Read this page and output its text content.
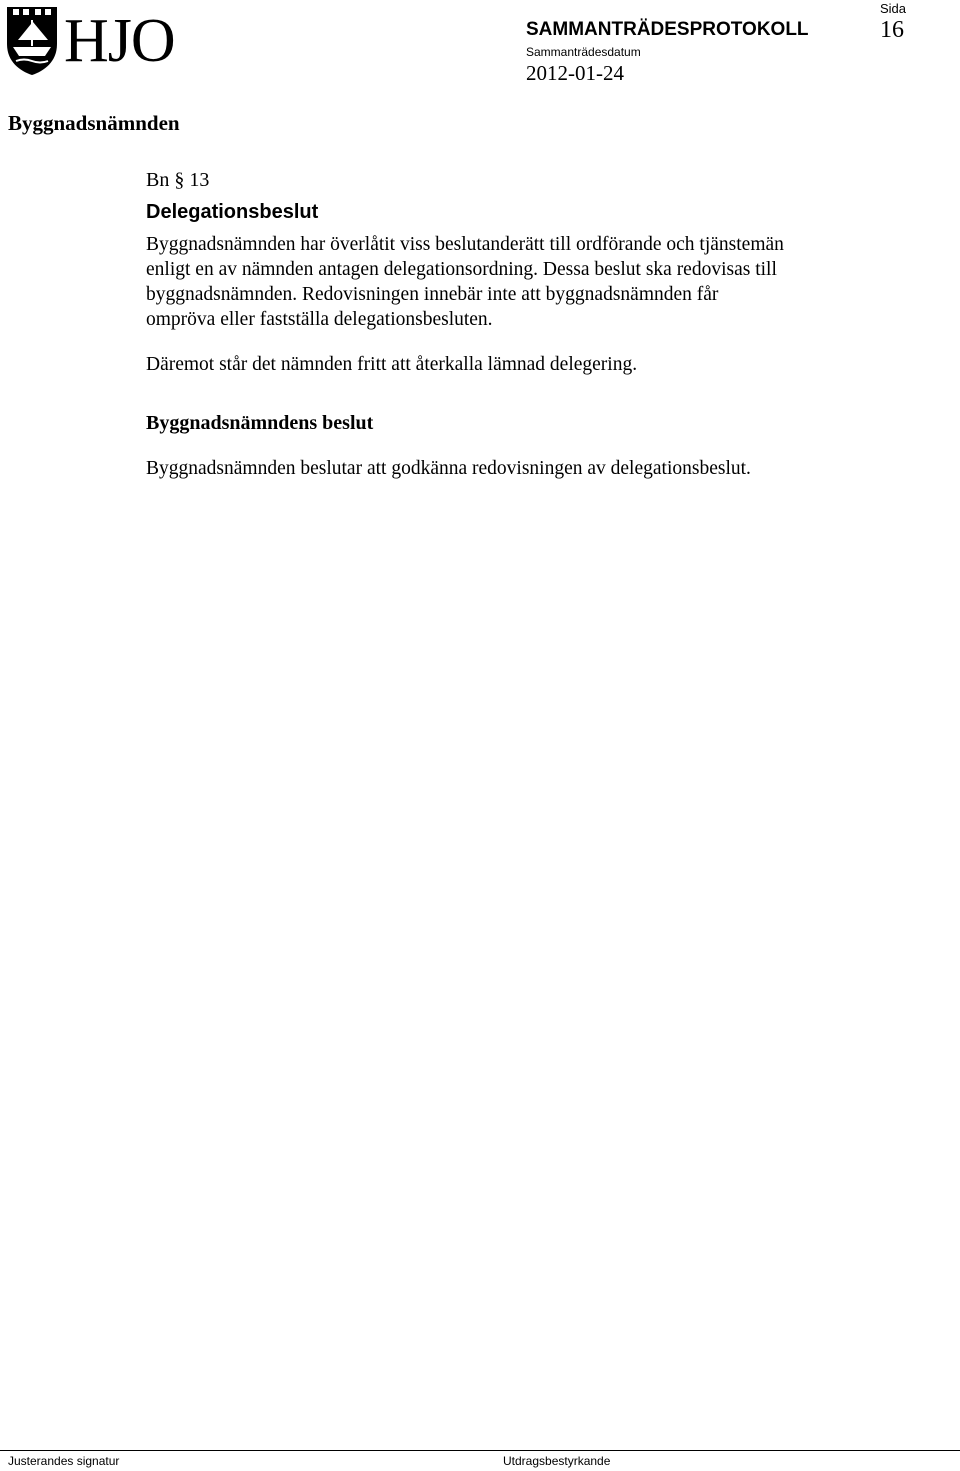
HJO	SAMMANTRÄDESPROTOKOLL
Sida
16
Sammanträdesdatum
2012-01-24
Byggnadsnämnden

Bn § 13

Delegationsbeslut

Byggnadsnämnden har överlåtit viss beslutanderätt till ordförande och tjänstemän
enligt en av nämnden antagen delegationsordning. Dessa beslut ska redovisas till
byggnadsnämnden. Redovisningen innebär inte att byggnadsnämnden får
ompröva eller fastställa delegationsbesluten.

Däremot står det nämnden fritt att återkalla lämnad delegering.

Byggnadsnämndens beslut

Byggnadsnämnden beslutar att godkänna redovisningen av delegationsbeslut.

Justerandes signatur	Utdragsbestyrkande
